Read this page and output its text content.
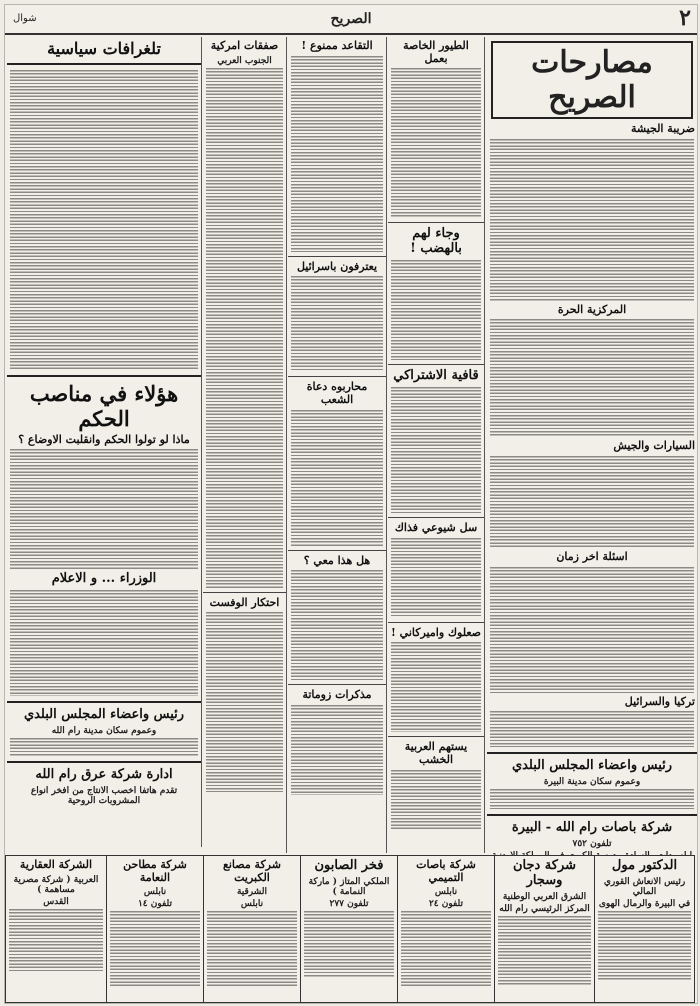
٢
الصريح
شوال
مصارحات الصريح
ضريبة الجيشة
المركزية الحرة
السيارات والجيش
اسئلة اخر زمان
تركيا والسرائيل
رئيس واعضاء المجلس البلدي
وعموم سكان مدينة البيرة
شركة باصات رام الله - البيرة
تلفون ٧٥٢
الطيور الخاصة بعمل
وجاء لهم بالهضب !
قافية الاشتراكي
سل شيوعي فذاك
صعلوك واميركاني !
يستهم العربية الخشب
التقاعد ممنوع !
يعترفون باسرائيل
محاربوه دعاة الشعب
هل هذا معي ؟
مذكرات زوماتة
صفقات امركية
الجنوب العربي
احتكار الوفست
تلغرافات سياسية
هؤلاء في مناصب الحكم
ماذا لو تولوا الحكم وانقلبت الاوضاع ؟
الوزراء ... و الاعلام
رئيس واعضاء المجلس البلدي
وعموم سكان مدينة رام الله
ادارة شركة عرق رام الله
تقدم هاتفا اخصب الانتاج من افخر انواع المشروبات الروحية
الدكتور مول
رئيس الانعاش القوري المالي
في البيرة والرمال الهوى
شركة دجان وسجار
الشرق العربي الوطنية
المركز الرئيسي رام الله
شركة باصات التميمي
نابلس
تلفون ٢٤
فخر الصابون
الملكي المتاز ( ماركة النمامة )
تلفون ٢٧٧
شركة مصانع الكبريت
الشرقية
نابلس
شركة مطاحن النعامة
نابلس
تلفون ١٤
الشركة العقارية
العربية ( شركة مصرية مساهمة )
القدس
